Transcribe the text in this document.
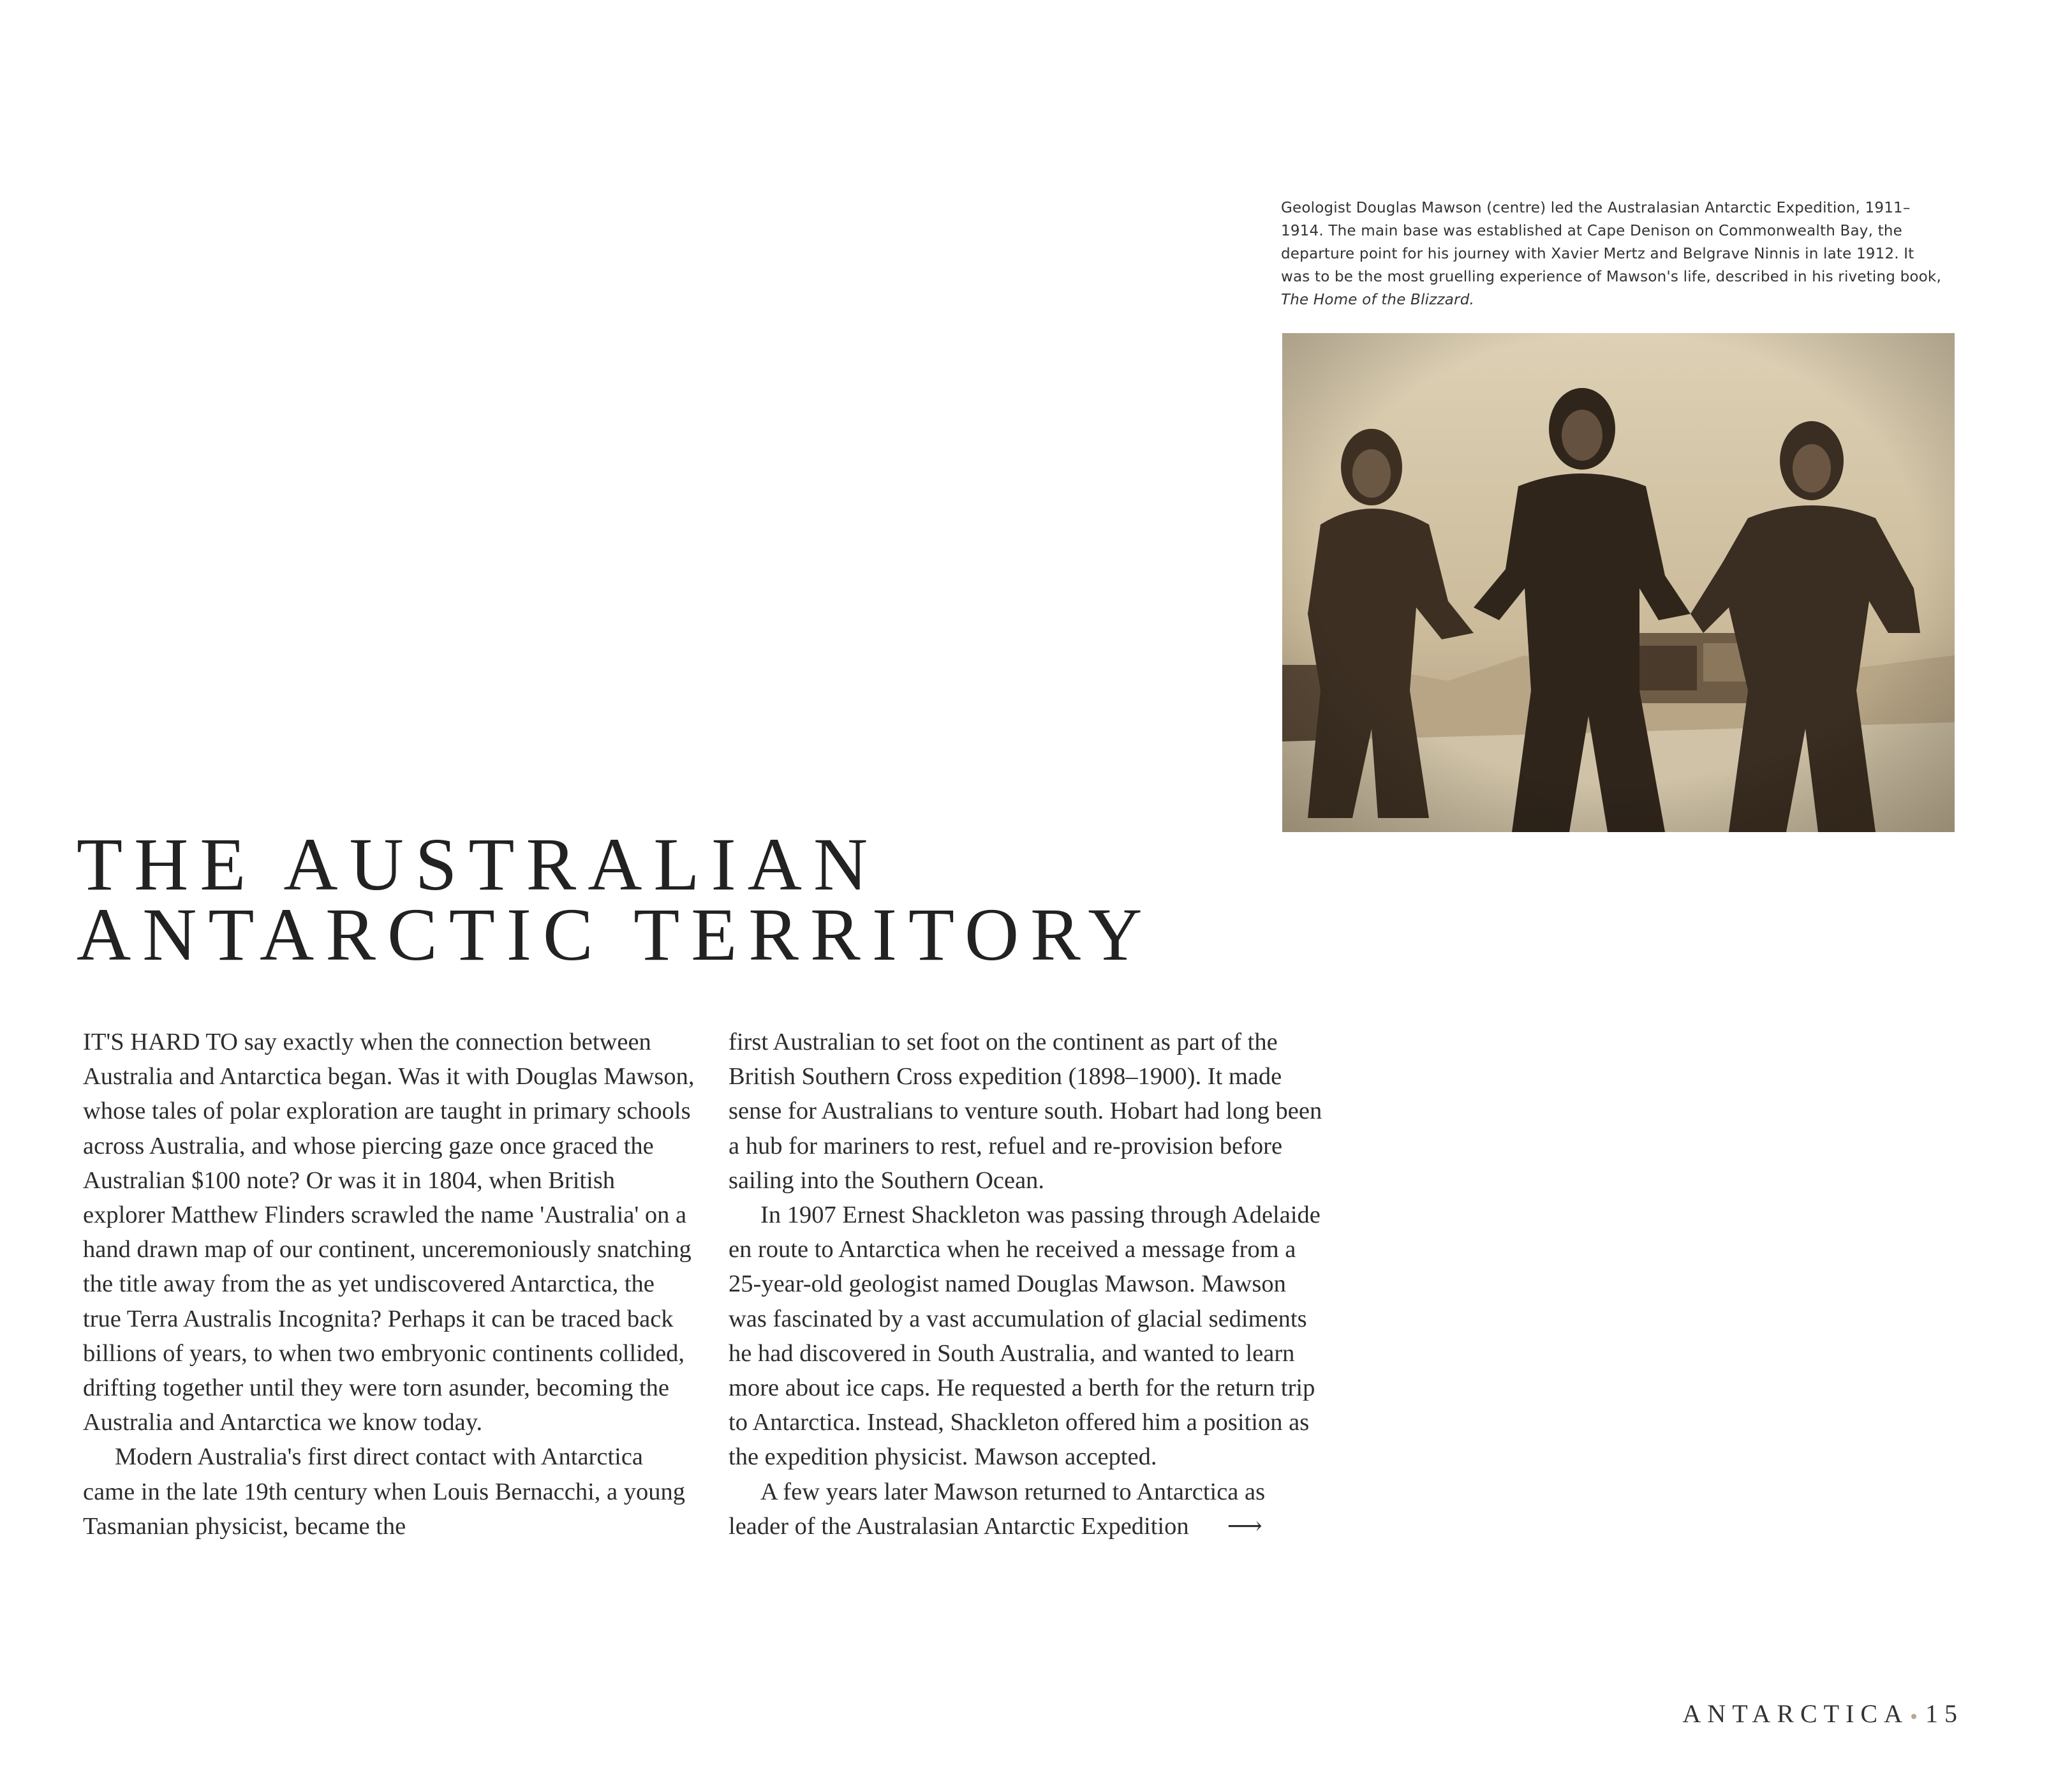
Geologist Douglas Mawson (centre) led the Australasian Antarctic Expedition, 1911–1914. The main base was established at Cape Denison on Commonwealth Bay, the departure point for his journey with Xavier Mertz and Belgrave Ninnis in late 1912. It was to be the most gruelling experience of Mawson's life, described in his riveting book, The Home of the Blizzard.
THE AUSTRALIAN
ANTARCTIC TERRITORY

IT'S HARD TO say exactly when the connection between Australia and Antarctica began. Was it with Douglas Mawson, whose tales of polar exploration are taught in primary schools across Australia, and whose piercing gaze once graced the Australian $100 note? Or was it in 1804, when British explorer Matthew Flinders scrawled the name 'Australia' on a hand drawn map of our continent, unceremoniously snatching the title away from the as yet undiscovered Antarctica, the true Terra Australis Incognita? Perhaps it can be traced back billions of years, to when two embryonic continents collided, drifting together until they were torn asunder, becoming the Australia and Antarctica we know today.

Modern Australia's first direct contact with Antarctica came in the late 19th century when Louis Bernacchi, a young Tasmanian physicist, became the

first Australian to set foot on the continent as part of the British Southern Cross expedition (1898–1900). It made sense for Australians to venture south. Hobart had long been a hub for mariners to rest, refuel and re-provision before sailing into the Southern Ocean.

In 1907 Ernest Shackleton was passing through Adelaide en route to Antarctica when he received a message from a 25-year-old geologist named Douglas Mawson. Mawson was fascinated by a vast accumulation of glacial sediments he had discovered in South Australia, and wanted to learn more about ice caps. He requested a berth for the return trip to Antarctica. Instead, Shackleton offered him a position as the expedition physicist. Mawson accepted.

A few years later Mawson returned to Antarctica as leader of the Australasian Antarctic Expedition ⟶

ANTARCTICA 15
